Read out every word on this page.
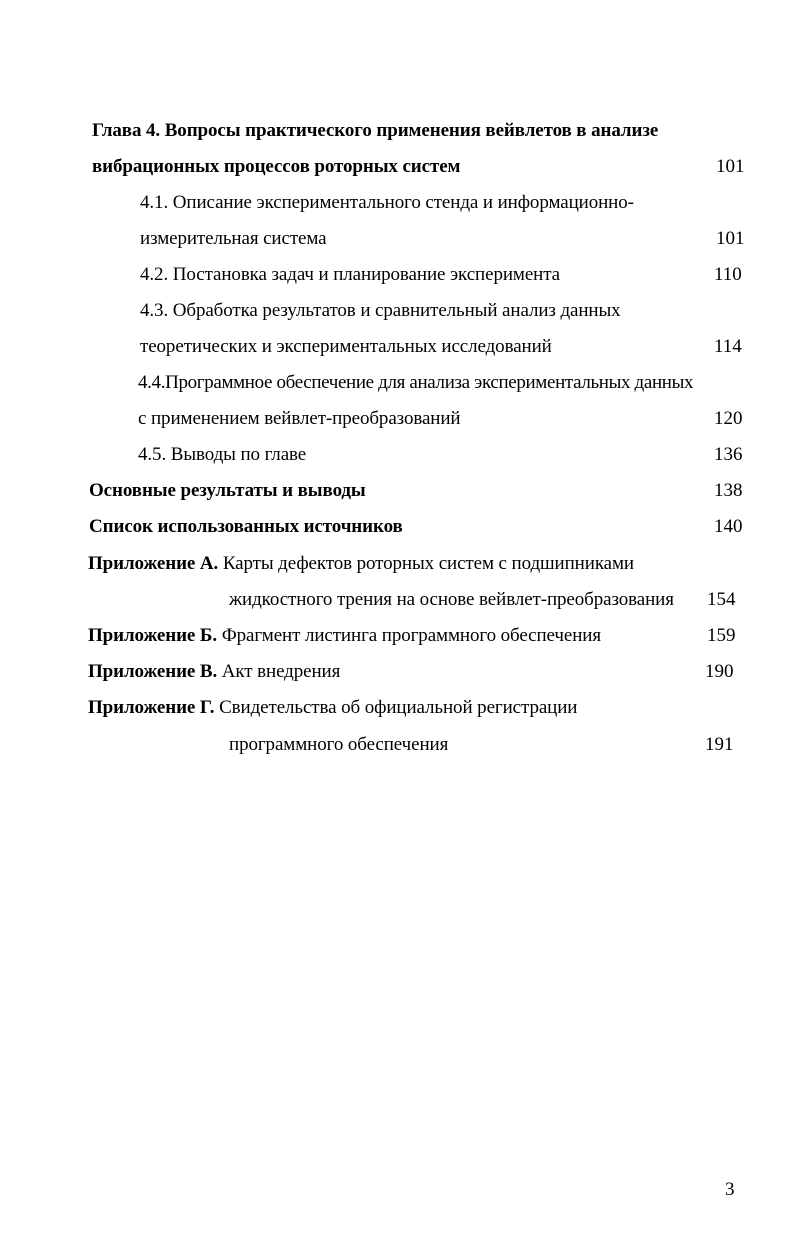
Глава 4. Вопросы практического применения вейвлетов в анализе
вибрационных процессов роторных систем	101
4.1. Описание экспериментального стенда и информационно-
измерительная система	101
4.2. Постановка задач и планирование эксперимента	110
4.3. Обработка результатов и сравнительный анализ данных
теоретических и экспериментальных исследований	114
4.4.Программное обеспечение для анализа экспериментальных данных
с применением вейвлет-преобразований	120
4.5. Выводы по главе	136
Основные результаты и выводы	138
Список использованных источников	140
Приложение А. Карты дефектов роторных систем с подшипниками
жидкостного трения на основе вейвлет-преобразования 154
Приложение Б. Фрагмент листинга программного обеспечения	159
Приложение В. Акт внедрения	190
Приложение Г. Свидетельства об официальной регистрации
программного обеспечения	191
3
